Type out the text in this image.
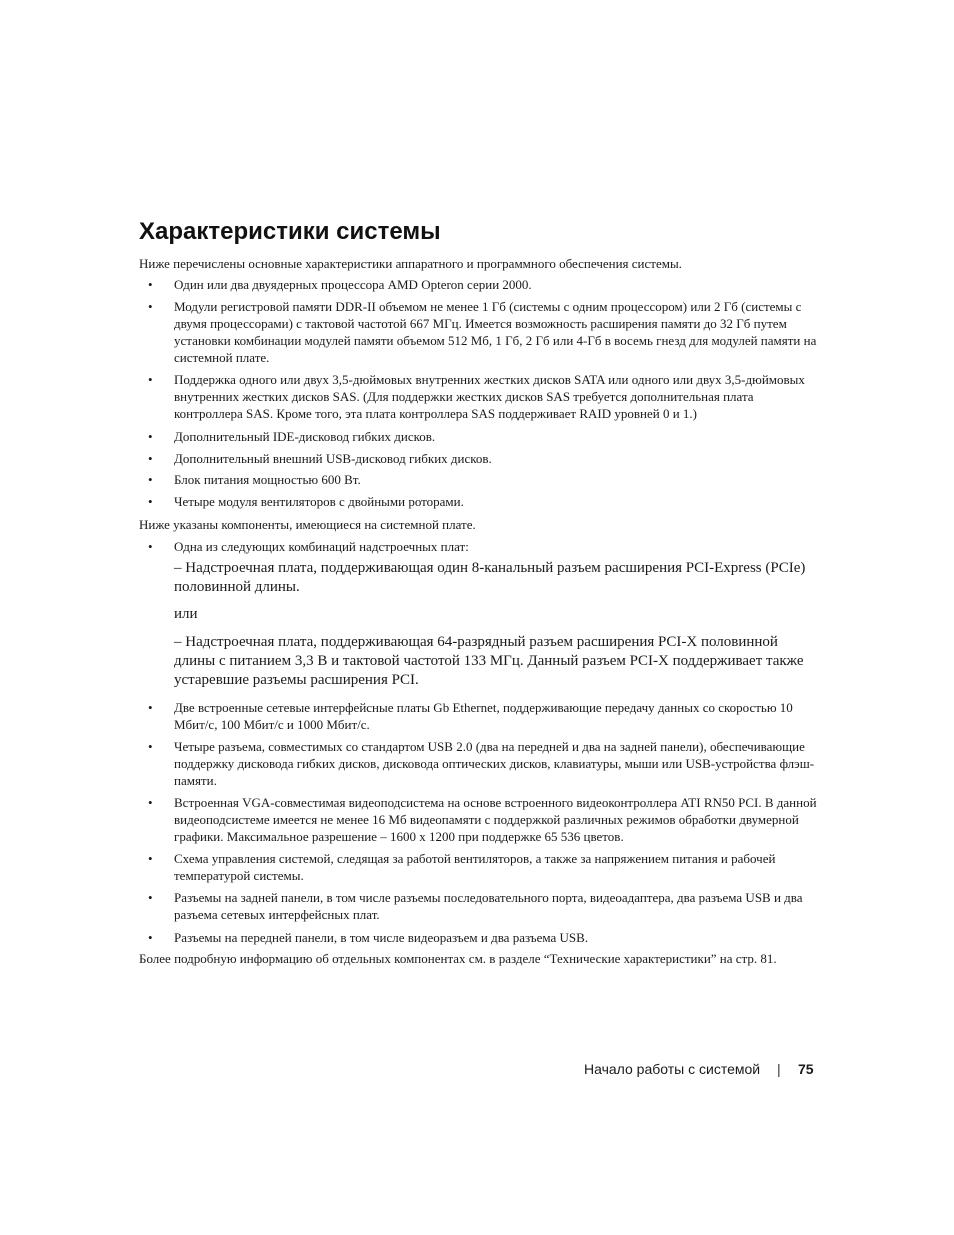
Характеристики системы

Ниже перечислены основные характеристики аппаратного и программного обеспечения системы.

• Один или два двуядерных процессора AMD Opteron серии 2000.
• Модули регистровой памяти DDR-II объемом не менее 1 Гб (системы с одним процессором) или 2 Гб (системы с двумя процессорами) с тактовой частотой 667 МГц. Имеется возможность расширения памяти до 32 Гб путем установки комбинации модулей памяти объемом 512 Мб, 1 Гб, 2 Гб или 4-Гб в восемь гнезд для модулей памяти на системной плате.
• Поддержка одного или двух 3,5-дюймовых внутренних жестких дисков SATA или одного или двух 3,5-дюймовых внутренних жестких дисков SAS. (Для поддержки жестких дисков SAS требуется дополнительная плата контроллера SAS. Кроме того, эта плата контроллера SAS поддерживает RAID уровней 0 и 1.)
• Дополнительный IDE-дисковод гибких дисков.
• Дополнительный внешний USB-дисковод гибких дисков.
• Блок питания мощностью 600 Вт.
• Четыре модуля вентиляторов с двойными роторами.

Ниже указаны компоненты, имеющиеся на системной плате.

• Одна из следующих комбинаций надстроечных плат:
– Надстроечная плата, поддерживающая один 8-канальный разъем расширения PCI-Express (PCIe) половинной длины.
или
– Надстроечная плата, поддерживающая 64-разрядный разъем расширения PCI-X половинной длины с питанием 3,3 В и тактовой частотой 133 МГц. Данный разъем PCI-X поддерживает также устаревшие разъемы расширения PCI.
• Две встроенные сетевые интерфейсные платы Gb Ethernet, поддерживающие передачу данных со скоростью 10 Мбит/с, 100 Мбит/с и 1000 Мбит/с.
• Четыре разъема, совместимых со стандартом USB 2.0 (два на передней и два на задней панели), обеспечивающие поддержку дисковода гибких дисков, дисковода оптических дисков, клавиатуры, мыши или USB-устройства флэш-памяти.
• Встроенная VGA-совместимая видеоподсистема на основе встроенного видеоконтроллера ATI RN50 PCI. В данной видеоподсистеме имеется не менее 16 Мб видеопамяти с поддержкой различных режимов обработки двумерной графики. Максимальное разрешение – 1600 x 1200 при поддержке 65 536 цветов.
• Схема управления системой, следящая за работой вентиляторов, а также за напряжением питания и рабочей температурой системы.
• Разъемы на задней панели, в том числе разъемы последовательного порта, видеоадаптера, два разъема USB и два разъема сетевых интерфейсных плат.
• Разъемы на передней панели, в том числе видеоразъем и два разъема USB.

Более подробную информацию об отдельных компонентах см. в разделе “Технические характеристики” на стр. 81.

Начало работы с системой | 75
